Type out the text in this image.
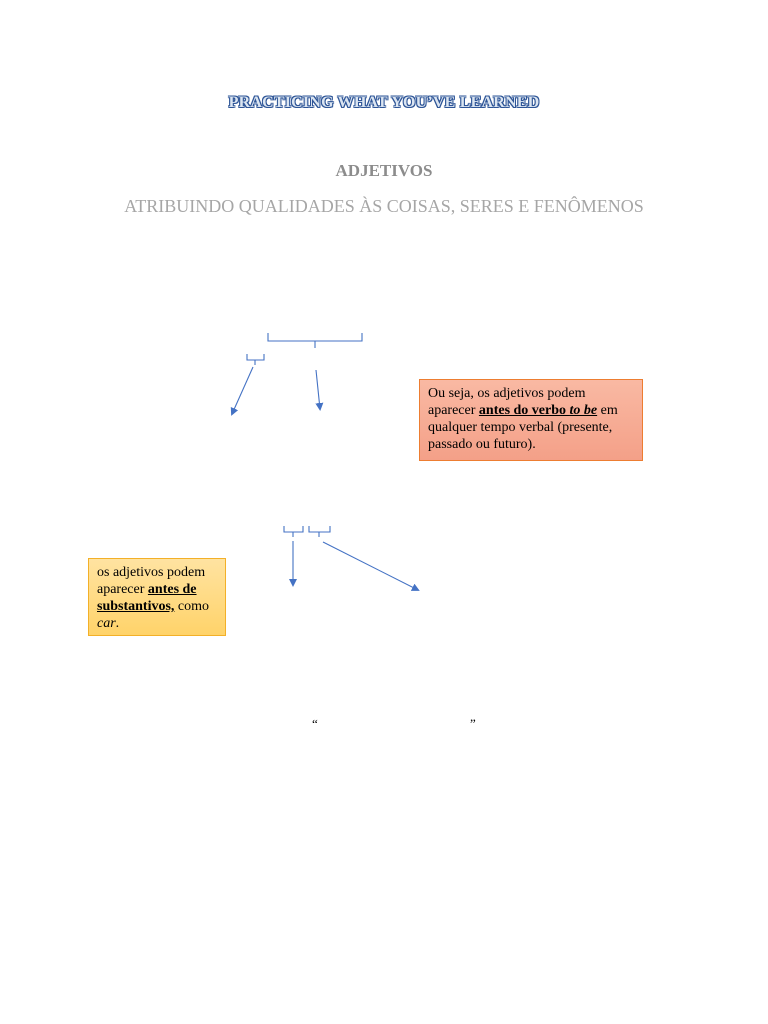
PRACTICING WHAT YOU’VE LEARNED
ADJETIVOS
ATRIBUINDO QUALIDADES ÀS COISAS, SERES E FENÔMENOS
Ou seja, os adjetivos podem aparecer antes do verbo to be em qualquer tempo verbal (presente, passado ou futuro).
os adjetivos podem aparecer antes de substantivos, como car.
“	”
